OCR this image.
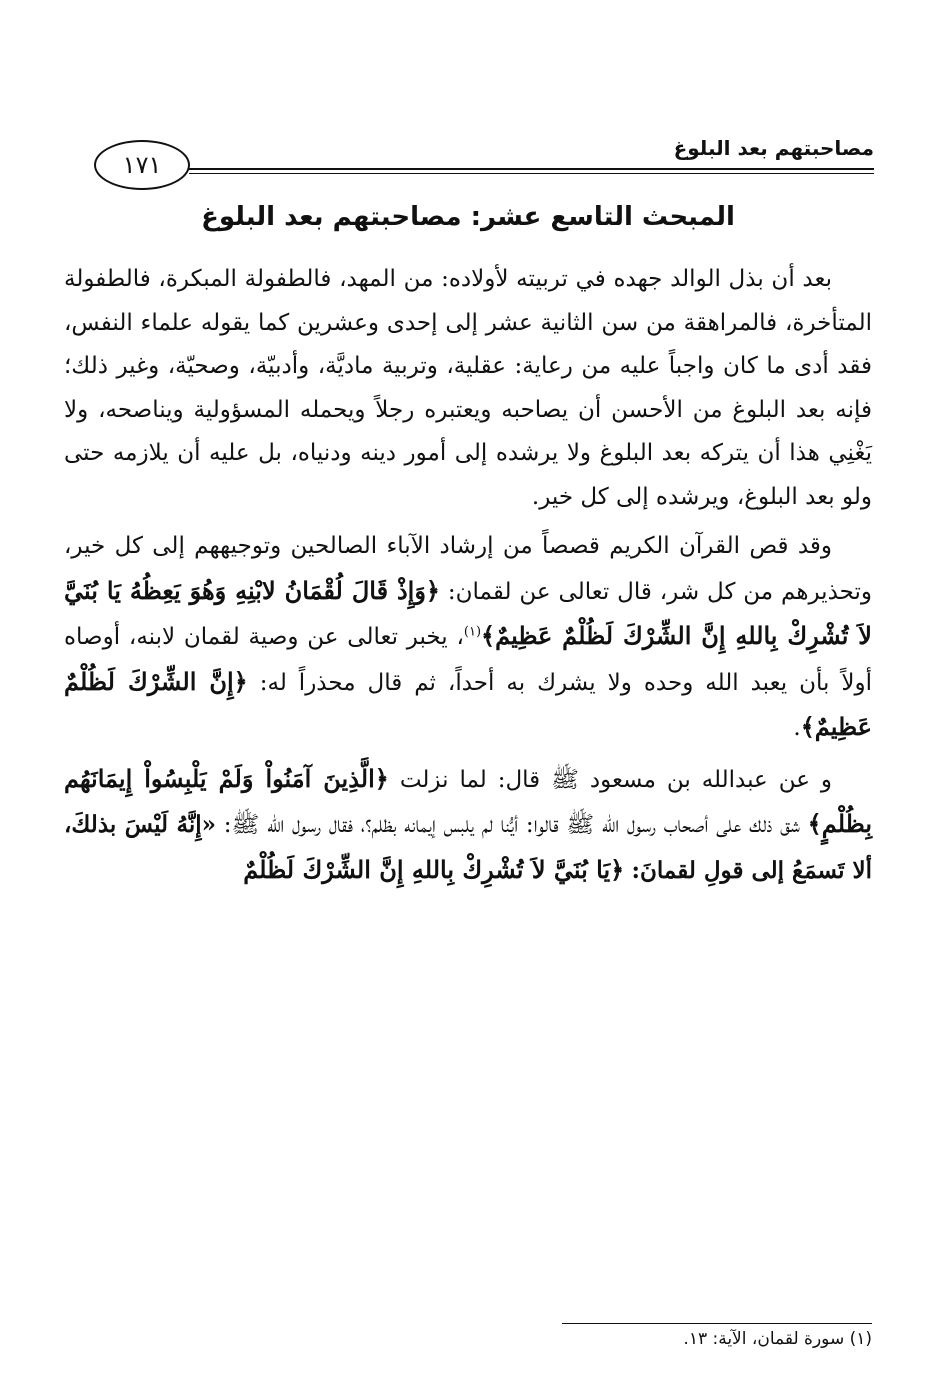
مصاحبتهم بعد البلوغ
١٧١
المبحث التاسع عشر: مصاحبتهم بعد البلوغ

بعد أن بذل الوالد جهده في تربيته لأولاده: من المهد، فالطفولة المبكرة، فالطفولة المتأخرة، فالمراهقة من سن الثانية عشر إلى إحدى وعشرين كما يقوله علماء النفس، فقد أدى ما كان واجباً عليه من رعاية: عقلية، وتربية ماديَّة، وأدبيّة، وصحيّة، وغير ذلك؛ فإنه بعد البلوغ من الأحسن أن يصاحبه ويعتبره رجلاً ويحمله المسؤولية ويناصحه، ولا يَغْنِي هذا أن يتركه بعد البلوغ ولا يرشده إلى أمور دينه ودنياه، بل عليه أن يلازمه حتى ولو بعد البلوغ، ويرشده إلى كل خير.

وقد قص القرآن الكريم قصصاً من إرشاد الآباء الصالحين وتوجيههم إلى كل خير، وتحذيرهم من كل شر، قال تعالى عن لقمان: ﴿وَإِذْ قَالَ لُقْمَانُ لابْنِهِ وَهُوَ يَعِظُهُ يَا بُنَيَّ لاَ تُشْرِكْ بِاللهِ إِنَّ الشِّرْكَ لَظُلْمٌ عَظِيمٌ﴾$^{(١)}$، يخبر تعالى عن وصية لقمان لابنه، أوصاه أولاً بأن يعبد الله وحده ولا يشرك به أحداً، ثم قال محذراً له: ﴿إِنَّ الشِّرْكَ لَظُلْمٌ عَظِيمٌ﴾.

و عن عبدالله بن مسعود ﷺ قال: لما نزلت ﴿الَّذِينَ آمَنُواْ وَلَمْ يَلْبِسُواْ إِيمَانَهُم بِظُلْمٍ﴾ شق ذلك على أصحاب رسول الله ﷺ قالوا: أيُّنا لم يلبس إيمانه بظلم؟، فقال رسول الله ﷺ: «إِنَّهُ لَيْسَ بذلكَ، ألا تَسمَعُ إلى قولِ لقمانَ: ﴿يَا بُنَيَّ لاَ تُشْرِكْ بِاللهِ إِنَّ الشِّرْكَ لَظُلْمٌ

(١) سورة لقمان، الآية: ١٣.
